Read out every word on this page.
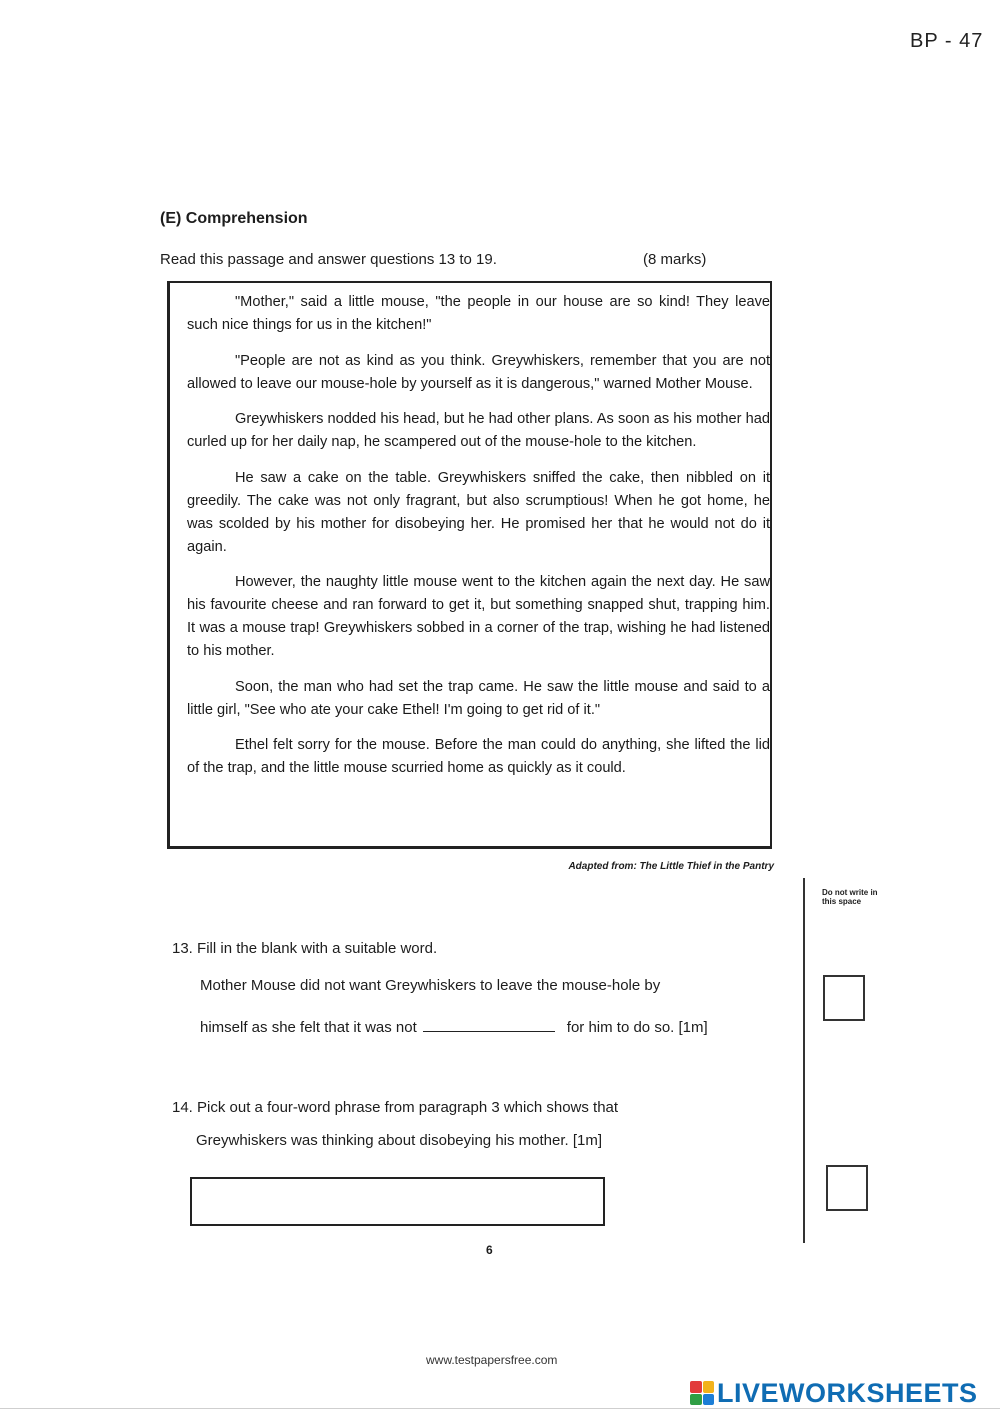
BP - 47
(E) Comprehension
Read this passage and answer questions 13 to 19.	(8 marks)

"Mother," said a little mouse, "the people in our house are so kind! They leave such nice things for us in the kitchen!"

"People are not as kind as you think. Greywhiskers, remember that you are not allowed to leave our mouse-hole by yourself as it is dangerous," warned Mother Mouse.

Greywhiskers nodded his head, but he had other plans. As soon as his mother had curled up for her daily nap, he scampered out of the mouse-hole to the kitchen.

He saw a cake on the table. Greywhiskers sniffed the cake, then nibbled on it greedily. The cake was not only fragrant, but also scrumptious! When he got home, he was scolded by his mother for disobeying her. He promised her that he would not do it again.

However, the naughty little mouse went to the kitchen again the next day. He saw his favourite cheese and ran forward to get it, but something snapped shut, trapping him. It was a mouse trap! Greywhiskers sobbed in a corner of the trap, wishing he had listened to his mother.

Soon, the man who had set the trap came. He saw the little mouse and said to a little girl, "See who ate your cake Ethel! I'm going to get rid of it."

Ethel felt sorry for the mouse. Before the man could do anything, she lifted the lid of the trap, and the little mouse scurried home as quickly as it could.

Adapted from: The Little Thief in the Pantry
Do not write in this space
13. Fill in the blank with a suitable word.
Mother Mouse did not want Greywhiskers to leave the mouse-hole by
himself as she felt that it was not	for him to do so. [1m]
14. Pick out a four-word phrase from paragraph 3 which shows that
Greywhiskers was thinking about disobeying his mother. [1m]
6
www.testpapersfree.com
LIVEWORKSHEETS
